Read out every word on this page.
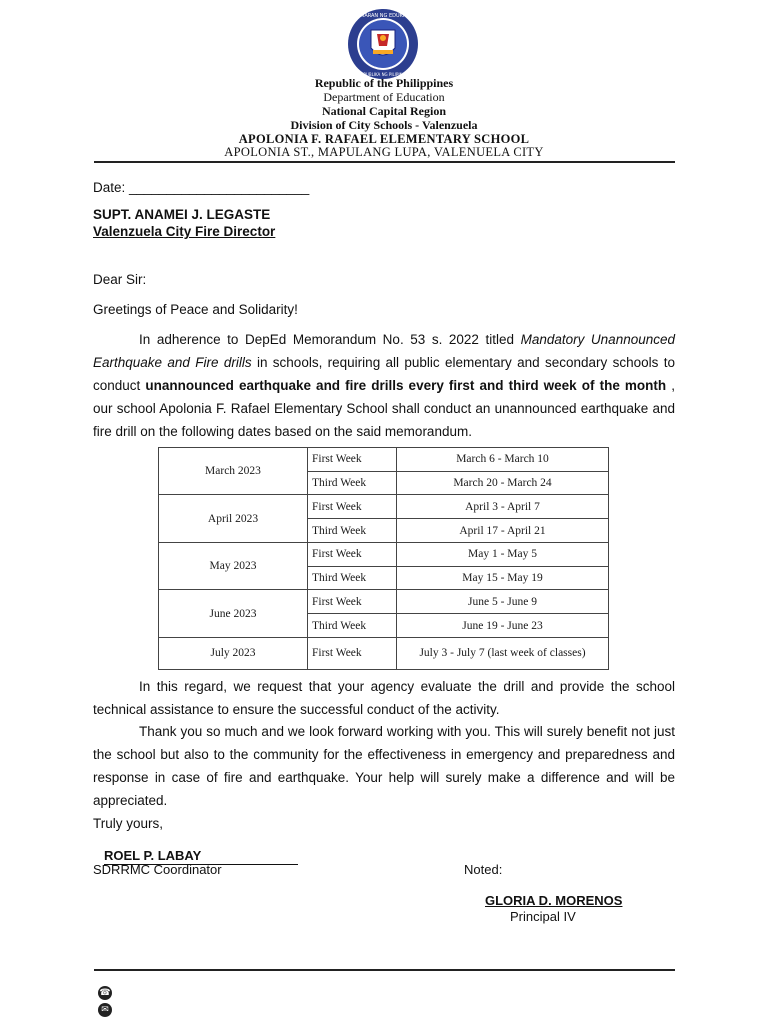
KAGAWARAN NG EDUKASYON
REPUBLIKA NG PILIPINAS
Republic of the Philippines
Department of Education
National Capital Region
Division of City Schools - Valenzuela
APOLONIA F. RAFAEL ELEMENTARY SCHOOL
APOLONIA ST., MAPULANG LUPA, VALENUELA CITY
Date: ________________________
SUPT. ANAMEI J. LEGASTE
Valenzuela City Fire Director
Dear Sir:
Greetings of Peace and Solidarity!
In adherence to DepEd Memorandum No. 53 s. 2022 titled Mandatory Unannounced Earthquake and Fire drills in schools, requiring all public elementary and secondary schools to conduct unannounced earthquake and fire drills every first and third week of the month , our school Apolonia F. Rafael Elementary School shall conduct an unannounced earthquake and fire drill on the following dates based on the said memorandum.
March 2023	First Week	March 6 - March 10
	Third Week	March 20 - March 24
April 2023	First Week	April 3 - April 7
	Third Week	April 17 - April 21
May 2023	First Week	May 1 - May 5
	Third Week	May 15 - May 19
June 2023	First Week	June 5 - June 9
	Third Week	June 19 - June 23
July 2023	First Week	July 3 - July 7 (last week of classes)
In this regard, we request that your agency evaluate the drill and provide the school technical assistance to ensure the successful conduct of the activity.
Thank you so much and we look forward working with you. This will surely benefit not just the school but also to the community for the effectiveness in emergency and preparedness and response in case of fire and earthquake. Your help will surely make a difference and will be appreciated.
Truly yours,
ROEL P. LABAY
SDRRMC Coordinator	Noted:
GLORIA D. MORENOS
Principal IV
☎
✉
